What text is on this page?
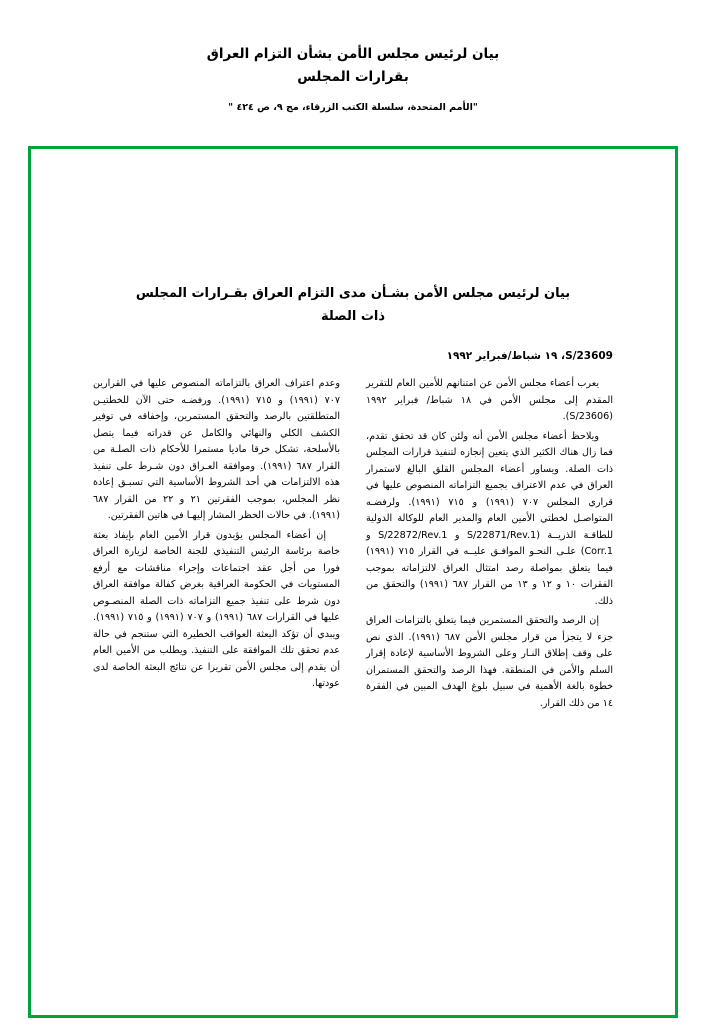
بيان لرئيس مجلس الأمن بشأن التزام العراق
بقرارات المجلس
"الأمم المتحدة، سلسلة الكتب الزرقاء، مج ٩، ص ٤٢٤ "
بيان لرئيس مجلس الأمن بشـأن مدى التزام العراق بقـرارات المجلس
ذات الصلة
S/23609، ١٩ شباط/فبراير ١٩٩٢

يعرب أعضاء مجلس الأمن عن امتنانهم للأمين العام للتقرير المقدم إلى مجلس الأمن في ١٨ شباط/ فبراير ١٩٩٢ (S/23606).

ويلاحظ أعضاء مجلس الأمن أنه ولئن كان قد تحقق تقدم، فما زال هناك الكثير الذي يتعين إنجازه لتنفيذ قرارات المجلس ذات الصلة. ويساور أعضاء المجلس القلق البالغ لاستمرار العراق في عدم الاعتراف بجميع التزاماته المنصوص عليها في قراري المجلس ٧٠٧ (١٩٩١) و ٧١٥ (١٩٩١). ولرفضـه المتواصـل لخطتي الأمين العام والمدير العام للوكالة الدولية للطاقـة الذريــة (S/22871/Rev.1 و S/22872/Rev.1 و Corr.1) علـى النحـو الموافـق عليــه في القرار ٧١٥ (١٩٩١) فيما يتعلق بمواصلة رصد امتثال العراق لالتزاماته بموجب الفقرات ١٠ و ١٢ و ١٣ من القرار ٦٨٧ (١٩٩١) والتحقق من ذلك.

إن الرصد والتحقق المستمرين فيما يتعلق بالتزامات العراق جزء لا يتجزأ من قرار مجلس الأمن ٦٨٧ (١٩٩١). الذي نص على وقف إطلاق النـار وعلى الشروط الأساسية لإعادة إقرار السلم والأمن في المنطقة. فهذا الرصد والتحقق المستمران خطوة بالغة الأهمية في سبيل بلوغ الهدف المبين في الفقرة ١٤ من ذلك القرار.

وعدم اعتراف العراق بالتزاماته المنصوص عليها في القرارين ٧٠٧ (١٩٩١) و ٧١٥ (١٩٩١). ورفضـه حتى الآن للخطتيـن المتطلقتين بالرصد والتحقق المستمرين، وإخفاقه في توفير الكشف الكلي والنهائي والكامل عن قدراته فيما يتصل بالأسلحة، تشكل خرقا ماديا مستمرا للأحكام ذات الصلـة من القرار ٦٨٧ (١٩٩١). وموافقة العـراق دون شـرط على تنفيذ هذه الالتزامات هي أحد الشروط الأساسية التي تسبـق إعادة نظر المجلس، بموجب الفقرتين ٢١ و ٢٢ من القرار ٦٨٧ (١٩٩١). في حالات الحظر المشار إليهـا في هاتين الفقرتين.

إن أعضاء المجلس يؤيدون قرار الأمين العام بإيفاد بعثة خاصة برئاسة الرئيس التنفيذي للجنة الخاصة لزيارة العراق فورا من أجل عقد اجتماعات وإجراء مناقشات مع أرفع المستويات في الحكومة العراقية بغرض كفالة موافقة العراق دون شرط على تنفيذ جميع التزاماته ذات الصلة المنصـوص عليها في القرارات ٦٨٧ (١٩٩١) و ٧٠٧ (١٩٩١) و ٧١٥ (١٩٩١). ويبدي أن تؤكد البعثة العواقب الخطيرة التي ستنجم في حالة عدم تحقق تلك الموافقة على التنفيذ. ويطلب من الأمين العام أن يقدم إلى مجلس الأمن تقريرا عن نتائج البعثة الخاصة لدى عودتها.
